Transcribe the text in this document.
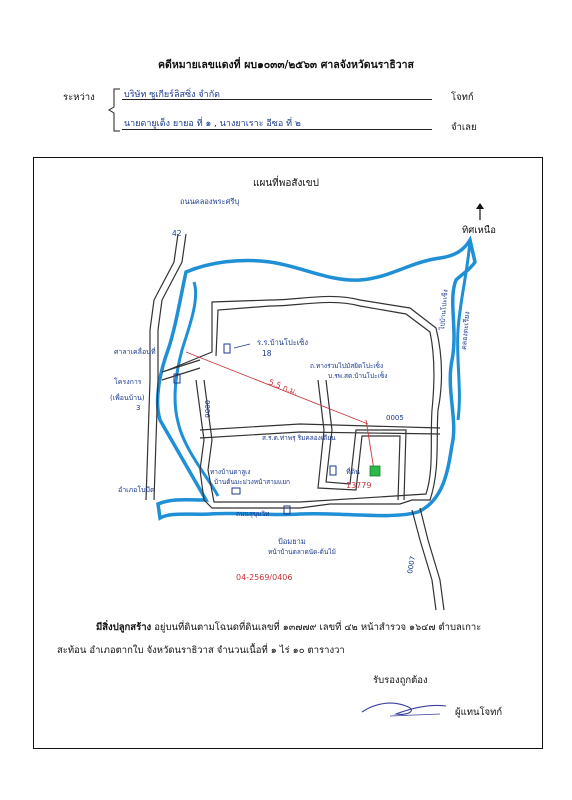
คดีหมายเลขแดงที่ ผบ๑๐๓๓/๒๕๖๓ ศาลจังหวัดนราธิวาส
ระหว่าง	บริษัท ซูเกียร์ลิสซิ่ง จำกัด	โจทก์
นายดายูเด็ง ยายอ ที่ ๑ , นางยาเราะ อีซอ ที่ ๒	จำเลย
แผนที่พอสังเขป
ทิศเหนือ
ถนนคลองพระศรีบุ
42
ร.ร.บ้านโปะเซ็ง
18
ถ.ทางร่วมไปมัสยิดโปะเซ็ง
บ.รพ.สต.บ้านโปะเซ็ง
5.5 ก.ม.
ศาลาเคลื่อนที่
โครงการ
(เพื่อนบ้าน)
3	0006
0005
0007
คลองตะเรียง
ไปบ้านโปะเซ็ง
ส.ร.ต.ท่าพรุ ริมคลองเตียน
ที่ดิน
13779
ทางบ้านดาลูเง
อำเภอโบบีต
บ้านต้นมะม่วงหน้าสามแยก
ถนนสุขุมวิท
ป้อมยาม
หน้าบ้านตลาดนัด-ต้นไม้
04-2569/0406
มีสิ่งปลูกสร้าง อยู่บนที่ดินตามโฉนดที่ดินเลขที่ ๑๓๗๗๙ เลขที่ ๔๒ หน้าสำรวจ ๑๖๔๗ ตำบลเกาะ
สะท้อน อำเภอตากใบ จังหวัดนราธิวาส จำนวนเนื้อที่ ๑ ไร่ ๑๐ ตารางวา
รับรองถูกต้อง
ผู้แทนโจทก์
